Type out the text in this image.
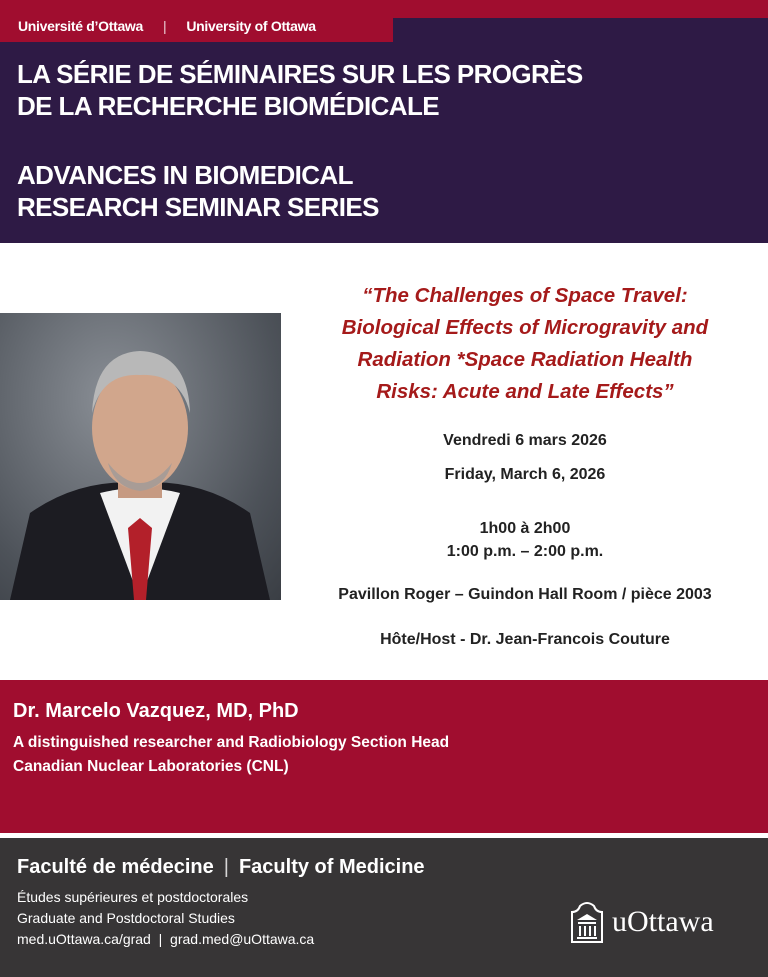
Université d’Ottawa | University of Ottawa
LA SÉRIE DE SÉMINAIRES SUR LES PROGRÈS
DE LA RECHERCHE BIOMÉDICALE
ADVANCES IN BIOMEDICAL
RESEARCH SEMINAR SERIES
“The Challenges of Space Travel:
Biological Effects of Microgravity and
Radiation *Space Radiation Health
Risks: Acute and Late Effects”
Vendredi 6 mars 2026
Friday, March 6, 2026
1h00 à 2h00
1:00 p.m. – 2:00 p.m.
Pavillon Roger – Guindon Hall Room / pièce 2003
Hôte/Host - Dr. Jean-Francois Couture
Dr. Marcelo Vazquez, MD, PhD
A distinguished researcher and Radiobiology Section Head
Canadian Nuclear Laboratories (CNL)
Faculté de médecine | Faculty of Medicine
Études supérieures et postdoctorales
Graduate and Postdoctoral Studies
med.uOttawa.ca/grad  |  grad.med@uOttawa.ca
uOttawa
